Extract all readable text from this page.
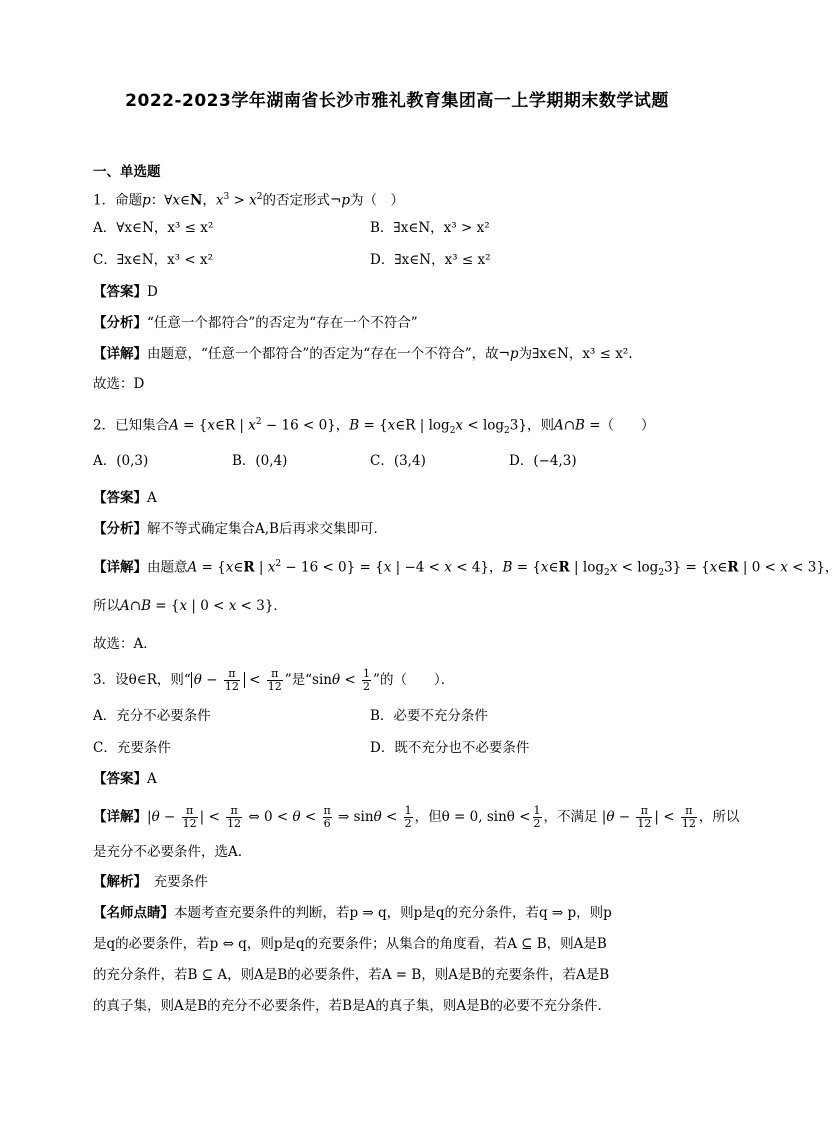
2022-2023学年湖南省长沙市雅礼教育集团高一上学期期末数学试题
一、单选题
1．命题p：∀x∈N，$x^3 > x^2$的否定形式¬p为（　）
A．∀x∈N，x³ ≤ x²	B．∃x∈N，x³ > x²
C．∃x∈N，x³ < x²	D．∃x∈N，x³ ≤ x²
【答案】D
【分析】“任意一个都符合”的否定为“存在一个不符合”
【详解】由题意，“任意一个都符合”的否定为“存在一个不符合”，故¬p为∃x∈N，x³ ≤ x².
故选：D
2．已知集合A = {x∈R | $x^2 - 16 < 0$}，B = {x∈R | $\log_2x < \log_23$}，则A∩B =（　　）
A．(0,3)	B．(0,4)	C．(3,4)	D．(−4,3)
【答案】A
【分析】解不等式确定集合A,B后再求交集即可．
【详解】由题意A = {x∈R | $x^2 - 16 < 0\} = \{x$ | −4 < x < 4}，B = {x∈R | $\log_2x < \log_23$} = {x∈R | 0 < x < 3}，
所以A∩B = {x | 0 < x < 3}．
故选：A．
3．设θ∈R，则“ $\theta - \frac{\pi}{12} < \frac{\pi}{12}$ ”是“$\sin\theta < \frac{1}{2}$ ”的（　　）．
A．充分不必要条件	B．必要不充分条件
C．充要条件	D．既不充分也不必要条件
【答案】A
【详解】$|\theta - \frac{\pi}{12}$ | < $\frac{\pi}{12}$ ⇔ $0 < \theta < \frac{\pi}{6}$ ⇒ $\sin\theta < \frac{1}{2}$ ，但θ = 0, $\sin\theta < \frac{1}{2}$ ，不满足 $|\theta - \frac{\pi}{12}$ | < $\frac{\pi}{12}$ ，所以
是充分不必要条件，选A.
【解析】　 充要条件
【名师点睛】本题考查充要条件的判断，若p ⇒ q，则p是q的充分条件，若q ⇒ p，则p
是q的必要条件，若p ⇔ q，则p是q的充要条件；从集合的角度看，若A ⊆ B，则A是B
的充分条件，若B ⊆ A，则A是B的必要条件，若A = B，则A是B的充要条件，若A是B
的真子集，则A是B的充分不必要条件，若B是A的真子集，则A是B的必要不充分条件.
